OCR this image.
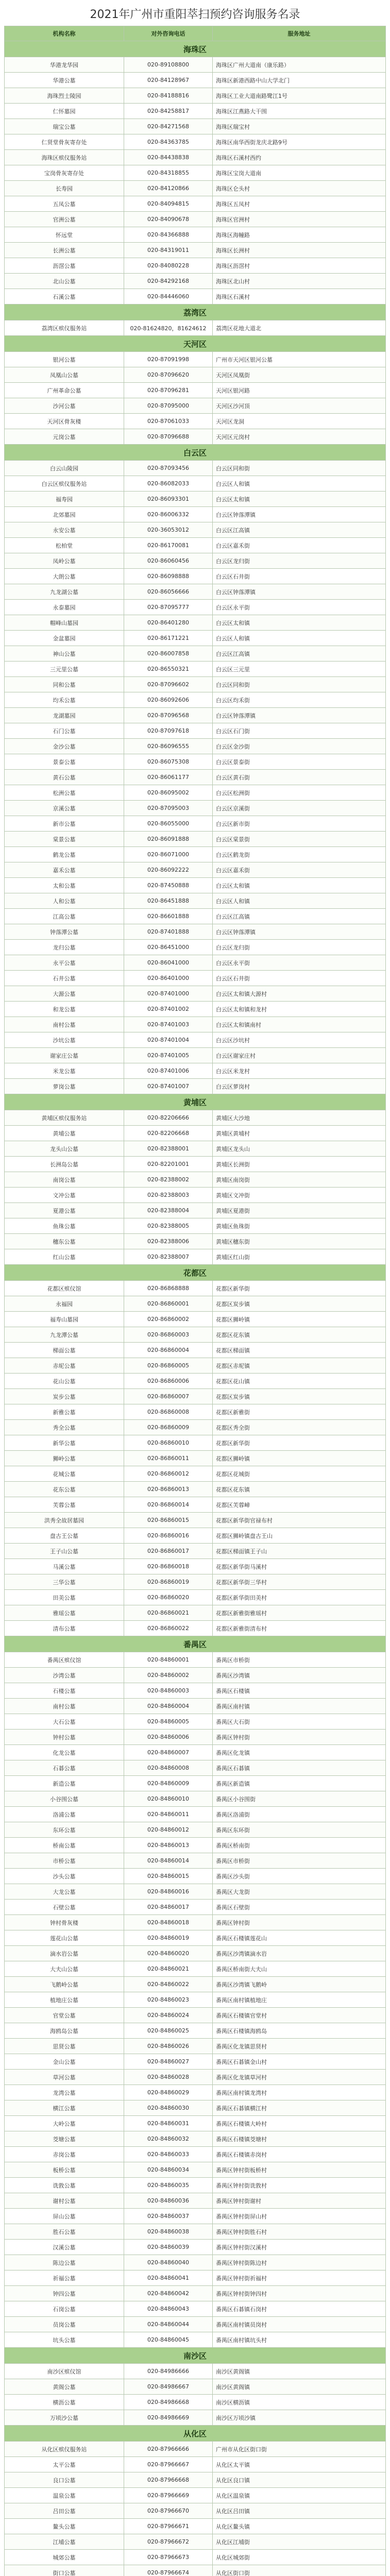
2021年广州市重阳萃扫预约咨询服务名录
机构名称	对外咨询电话	服务地址
海珠区		
华港龙华园	020-89108800	海珠区广州大道南（康乐路）
华港公墓	020-84128967	海珠区新港西路中山大学北门
海珠烈士陵园	020-84188816	海珠区工业大道南路鹭江1号
仁怀墓园	020-84258817	海珠区江燕路大干围
瑞宝公墓	020-84271568	海珠区瑞宝村
仁贤堂骨灰寄存处	020-84363785	海珠区南华西街龙庆北路9号
海珠区殡仪服务站	020-84438838	海珠区石溪村西约
宝岗骨灰寄存处	020-84318855	海珠区宝岗大道南
长寿园	020-84120866	海珠区仑头村
五凤公墓	020-84094815	海珠区五凤村
官洲公墓	020-84090678	海珠区官洲村
怀远堂	020-84366888	海珠区海幢路
长洲公墓	020-84319011	海珠区长洲村
沥滘公墓	020-84080228	海珠区沥滘村
北山公墓	020-84292168	海珠区北山村
石溪公墓	020-84446060	海珠区石溪村
荔湾区		
荔湾区殡仪服务站	020-81624820，81624612	荔湾区花地大道北
天河区		
银河公墓	020-87091998	广州市天河区银河公墓
凤凰山公墓	020-87096620	天河区凤凰街
广州革命公墓	020-87096281	天河区银河路
沙河公墓	020-87095000	天河区沙河顶
天河区骨灰楼	020-87061033	天河区龙洞
元岗公墓	020-87096688	天河区元岗村
白云区		
白云山陵园	020-87093456	白云区同和街
白云区殡仪服务站	020-86082033	白云区人和镇
福寿园	020-86093301	白云区太和镇
北郊墓园	020-86006332	白云区钟落潭镇
永安公墓	020-36053012	白云区江高镇
松柏堂	020-86170081	白云区嘉禾街
凤岭公墓	020-86060456	白云区龙归街
大朗公墓	020-86098888	白云区石井街
九龙湖公墓	020-86056666	白云区钟落潭镇
永泰墓园	020-87095777	白云区永平街
帽峰山墓园	020-86401280	白云区太和镇
金盆墓园	020-86171221	白云区人和镇
神山公墓	020-86007858	白云区江高镇
三元里公墓	020-86550321	白云区三元里
同和公墓	020-87096602	白云区同和街
均禾公墓	020-86092606	白云区均禾街
龙湖墓园	020-87096568	白云区钟落潭镇
石门公墓	020-87097618	白云区石门街
金沙公墓	020-86096555	白云区金沙街
景泰公墓	020-86075308	白云区景泰街
黄石公墓	020-86061177	白云区黄石街
松洲公墓	020-86095002	白云区松洲街
京溪公墓	020-87095003	白云区京溪街
新市公墓	020-86055000	白云区新市街
棠景公墓	020-86091888	白云区棠景街
鹤龙公墓	020-86071000	白云区鹤龙街
嘉禾公墓	020-86092222	白云区嘉禾街
太和公墓	020-87450888	白云区太和镇
人和公墓	020-86451888	白云区人和镇
江高公墓	020-86601888	白云区江高镇
钟落潭公墓	020-87401888	白云区钟落潭镇
龙归公墓	020-86451000	白云区龙归街
永平公墓	020-86041000	白云区永平街
石井公墓	020-86401000	白云区石井街
大源公墓	020-87401000	白云区太和镇大源村
和龙公墓	020-87401002	白云区太和镇和龙村
南村公墓	020-87401003	白云区太和镇南村
沙坑公墓	020-87401004	白云区沙坑村
谢家庄公墓	020-87401005	白云区谢家庄村
米龙公墓	020-87401006	白云区米龙村
萝岗公墓	020-87401007	白云区萝岗村
黄埔区		
黄埔区殡仪服务站	020-82206666	黄埔区大沙地
黄埔公墓	020-82206668	黄埔区黄埔村
龙头山公墓	020-82388001	黄埔区龙头山
长洲岛公墓	020-82201001	黄埔区长洲街
南岗公墓	020-82388002	黄埔区南岗街
文冲公墓	020-82388003	黄埔区文冲街
夏港公墓	020-82388004	黄埔区夏港街
鱼珠公墓	020-82388005	黄埔区鱼珠街
穗东公墓	020-82388006	黄埔区穗东街
红山公墓	020-82388007	黄埔区红山街
花都区		
花都区殡仪馆	020-86868888	花都区新华街
永福园	020-86860001	花都区炭步镇
福寿山墓园	020-86860002	花都区狮岭镇
九龙潭公墓	020-86860003	花都区花东镇
梯面公墓	020-86860004	花都区梯面镇
赤坭公墓	020-86860005	花都区赤坭镇
花山公墓	020-86860006	花都区花山镇
炭步公墓	020-86860007	花都区炭步镇
新雅公墓	020-86860008	花都区新雅街
秀全公墓	020-86860009	花都区秀全街
新华公墓	020-86860010	花都区新华街
狮岭公墓	020-86860011	花都区狮岭镇
花城公墓	020-86860012	花都区花城街
花东公墓	020-86860013	花都区花东镇
芙蓉公墓	020-86860014	花都区芙蓉嶂
洪秀全故居墓园	020-86860015	花都区新华街官禄布村
盘古王公墓	020-86860016	花都区狮岭镇盘古王山
王子山公墓	020-86860017	花都区梯面镇王子山
马溪公墓	020-86860018	花都区新华街马溪村
三华公墓	020-86860019	花都区新华街三华村
田美公墓	020-86860020	花都区新华街田美村
雅瑶公墓	020-86860021	花都区新雅街雅瑶村
清布公墓	020-86860022	花都区新雅街清布村
番禺区		
番禺区殡仪馆	020-84860001	番禺区市桥街
沙湾公墓	020-84860002	番禺区沙湾镇
石楼公墓	020-84860003	番禺区石楼镇
南村公墓	020-84860004	番禺区南村镇
大石公墓	020-84860005	番禺区大石街
钟村公墓	020-84860006	番禺区钟村街
化龙公墓	020-84860007	番禺区化龙镇
石碁公墓	020-84860008	番禺区石碁镇
新造公墓	020-84860009	番禺区新造镇
小谷围公墓	020-84860010	番禺区小谷围街
洛浦公墓	020-84860011	番禺区洛浦街
东环公墓	020-84860012	番禺区东环街
桥南公墓	020-84860013	番禺区桥南街
市桥公墓	020-84860014	番禺区市桥街
沙头公墓	020-84860015	番禺区沙头街
大龙公墓	020-84860016	番禺区大龙街
石壁公墓	020-84860017	番禺区石壁街
钟村骨灰楼	020-84860018	番禺区钟村街
莲花山公墓	020-84860019	番禺区石楼镇莲花山
滴水岩公墓	020-84860020	番禺区沙湾镇滴水岩
大夫山公墓	020-84860021	番禺区桥南街大夫山
飞鹅岭公墓	020-84860022	番禺区沙湾镇飞鹅岭
植地庄公墓	020-84860023	番禺区南村镇植地庄
官堂公墓	020-84860024	番禺区石楼镇官堂村
海鸥岛公墓	020-84860025	番禺区石楼镇海鸥岛
思贤公墓	020-84860026	番禺区化龙镇思贤村
金山公墓	020-84860027	番禺区石碁镇金山村
草河公墓	020-84860028	番禺区化龙镇草河村
龙湾公墓	020-84860029	番禺区南村镇龙湾村
横江公墓	020-84860030	番禺区石碁镇横江村
大岭公墓	020-84860031	番禺区石楼镇大岭村
茭塘公墓	020-84860032	番禺区石楼镇茭塘村
赤岗公墓	020-84860033	番禺区石楼镇赤岗村
板桥公墓	020-84860034	番禺区钟村街板桥村
诜敦公墓	020-84860035	番禺区钟村街诜敦村
谢村公墓	020-84860036	番禺区钟村街谢村
屏山公墓	020-84860037	番禺区钟村街屏山村
胜石公墓	020-84860038	番禺区钟村街胜石村
汉溪公墓	020-84860039	番禺区钟村街汉溪村
陈边公墓	020-84860040	番禺区钟村街陈边村
祈福公墓	020-84860041	番禺区钟村街祈福村
钟四公墓	020-84860042	番禺区钟村街钟四村
石岗公墓	020-84860043	番禺区石碁镇石岗村
员岗公墓	020-84860044	番禺区南村镇员岗村
坑头公墓	020-84860045	番禺区南村镇坑头村
南沙区		
南沙区殡仪馆	020-84986666	南沙区黄阁镇
黄阁公墓	020-84986667	南沙区黄阁镇
横沥公墓	020-84986668	南沙区横沥镇
万顷沙公墓	020-84986669	南沙区万顷沙镇
从化区		
从化区殡仪服务站	020-87966666	广州市从化区街口街
太平公墓	020-87966667	从化区太平镇
良口公墓	020-87966668	从化区良口镇
温泉公墓	020-87966669	从化区温泉镇
吕田公墓	020-87966670	从化区吕田镇
鳌头公墓	020-87966671	从化区鳌头镇
江埔公墓	020-87966672	从化区江埔街
城郊公墓	020-87966673	从化区城郊街
街口公墓	020-87966674	从化区街口街
